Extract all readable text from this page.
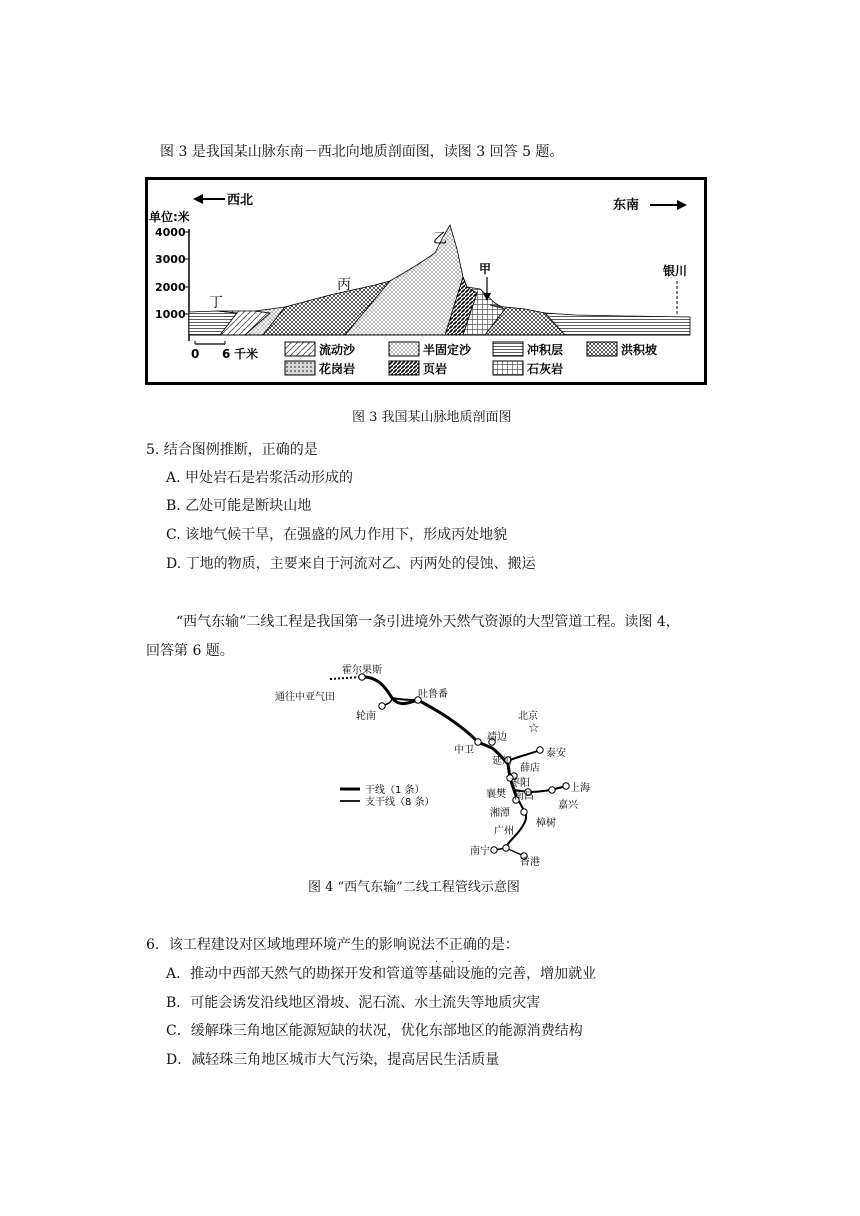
图 3 是我国某山脉东南－西北向地质剖面图，读图 3 回答 5 题。
西北	东南
单位:米
4000
3000
2000
1000
丁
丙
乙
甲	银川
0 6 千米	流动沙	半固定沙	冲积层	洪积坡
花岗岩	页岩	石灰岩
图 3 我国某山脉地质剖面图
5. 结合图例推断，正确的是
A. 甲处岩石是岩浆活动形成的
B. 乙处可能是断块山地
C. 该地气候干旱，在强盛的风力作用下，形成丙处地貌
D. 丁地的物质，主要来自于河流对乙、丙两处的侵蚀、搬运
“西气东输”二线工程是我国第一条引进境外天然气资源的大型管道工程。读图 4，
回答第 6 题。
☆
霍尔果斯
通往中亚气田	吐鲁番
轮南	北京
靖边
中卫	泰安
延川
薛店
枣阳
襄樊 南昌
上海
嘉兴
湘潭
樟树
广州
南宁
香港
干线（1 条）
支干线（8 条）
图 4 “西气东输”二线工程管线示意图
6．该工程建设对区域地理环境产生的影响说法不正确
· · ·
的是：
A．推动中西部天然气的勘探开发和管道等基础设施的完善，增加就业
B．可能会诱发沿线地区滑坡、泥石流、水土流失等地质灾害
C．缓解珠三角地区能源短缺的状况，优化东部地区的能源消费结构
D．减轻珠三角地区城市大气污染，提高居民生活质量
